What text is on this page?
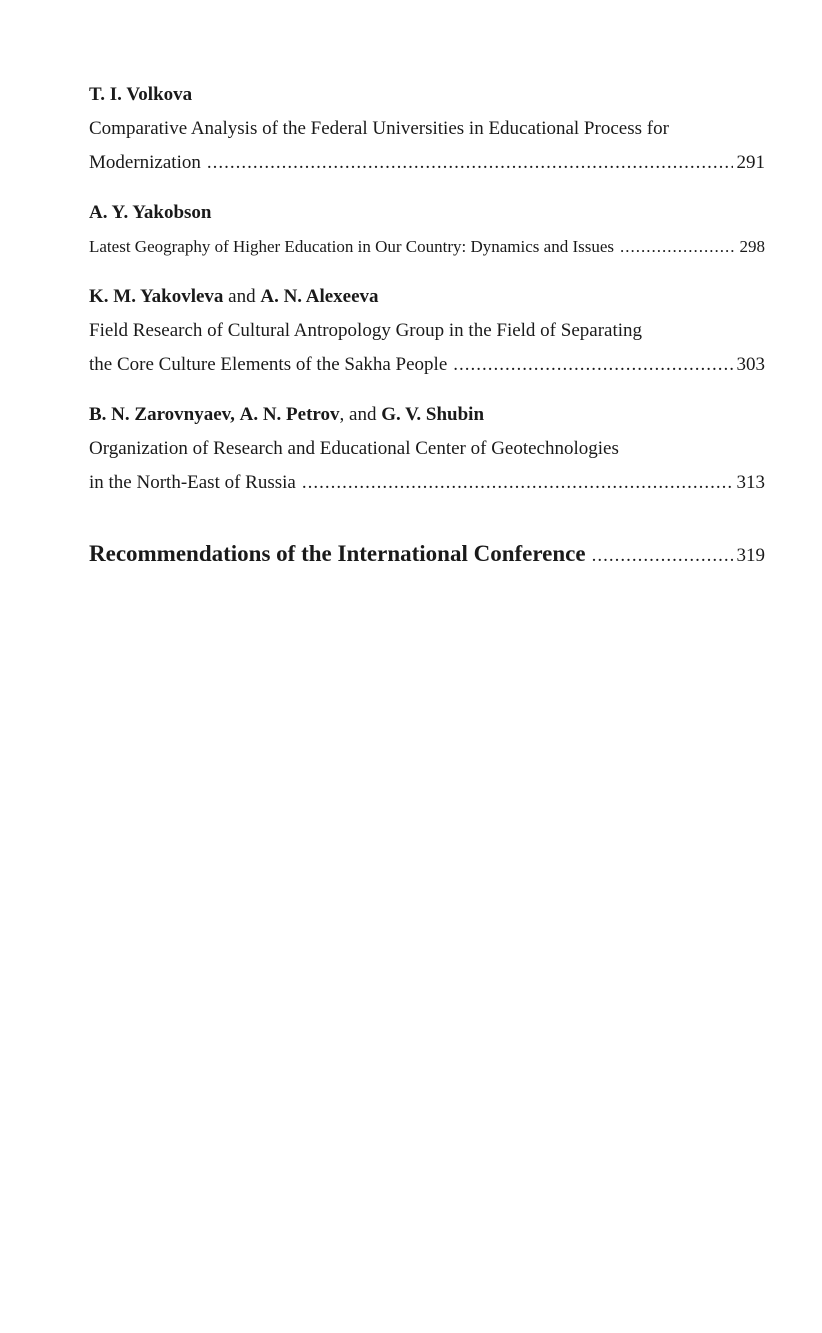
T. I. Volkova
Comparative Analysis of the Federal Universities in Educational Process for
Modernization .....	291
A. Y. Yakobson
Latest Geography of Higher Education in Our Country: Dynamics and Issues .....	298
K. M. Yakovleva and A. N. Alexeeva
Field Research of Cultural Antropology Group in the Field of Separating
the Core Culture Elements of the Sakha People .....	303
B. N. Zarovnyaev, A. N. Petrov, and G. V. Shubin
Organization of Research and Educational Center of Geotechnologies
in the North-East of Russia .....	313
Recommendations of the International Conference .....	319
